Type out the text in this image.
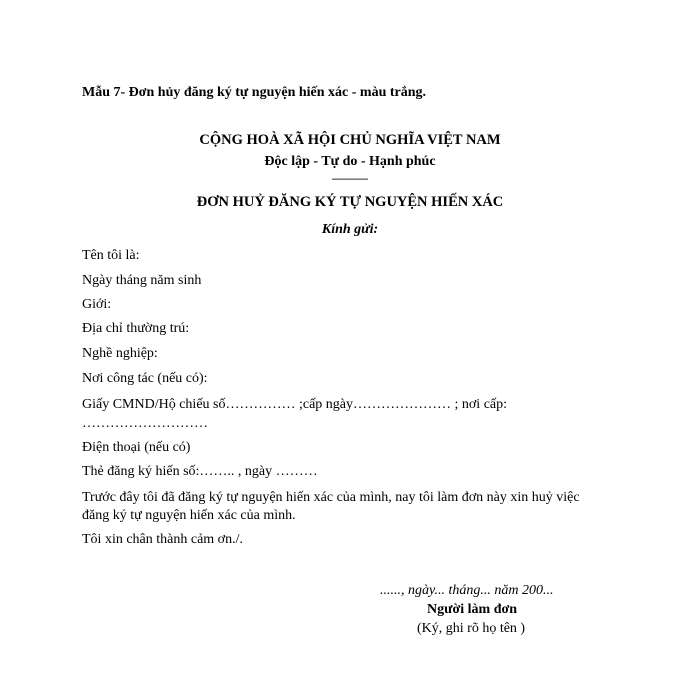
Mẫu 7- Đơn hủy đăng ký tự nguyện hiến xác - màu trắng.
CỘNG HOÀ XÃ HỘI CHỦ NGHĨA VIỆT NAM
Độc lập - Tự do - Hạnh phúc
———
ĐƠN HUỶ ĐĂNG KÝ TỰ NGUYỆN HIẾN XÁC
Kính gửi:
Tên tôi là:
Ngày tháng năm sinh
Giới:
Địa chỉ thường trú:
Nghề nghiệp:
Nơi công tác (nếu có):
Giấy CMND/Hộ chiếu số…………… ;cấp ngày………………… ; nơi cấp:
………………………
Điện thoại (nếu có)
Thẻ đăng ký hiến số:…….. , ngày ………
Trước đây tôi đã đăng ký tự nguyện hiến xác của mình, nay tôi làm đơn này xin huỷ việc
đăng ký tự nguyện hiến xác của mình.
Tôi xin chân thành cảm ơn./.
......, ngày... tháng... năm 200...
Người làm đơn
(Ký, ghi rõ họ tên )
